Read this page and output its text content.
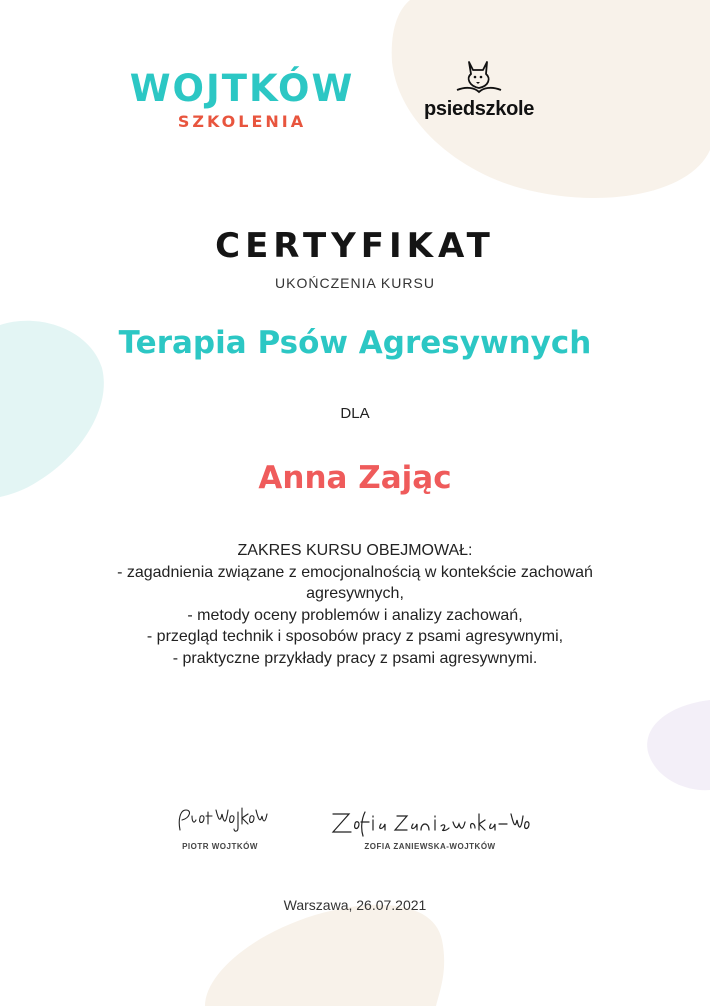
WOJTKÓW
SZKOLENIA
psiedszkole
CERTYFIKAT
UKOŃCZENIA KURSU
Terapia Psów Agresywnych
DLA
Anna Zając
ZAKRES KURSU OBEJMOWAŁ:
- zagadnienia związane z emocjonalnością w kontekście zachowań
agresywnych,
- metody oceny problemów i analizy zachowań,
- przegląd technik i sposobów pracy z psami agresywnymi,
- praktyczne przykłady pracy z psami agresywnymi.
PIOTR WOJTKÓW	ZOFIA ZANIEWSKA-WOJTKÓW
Warszawa, 26.07.2021
